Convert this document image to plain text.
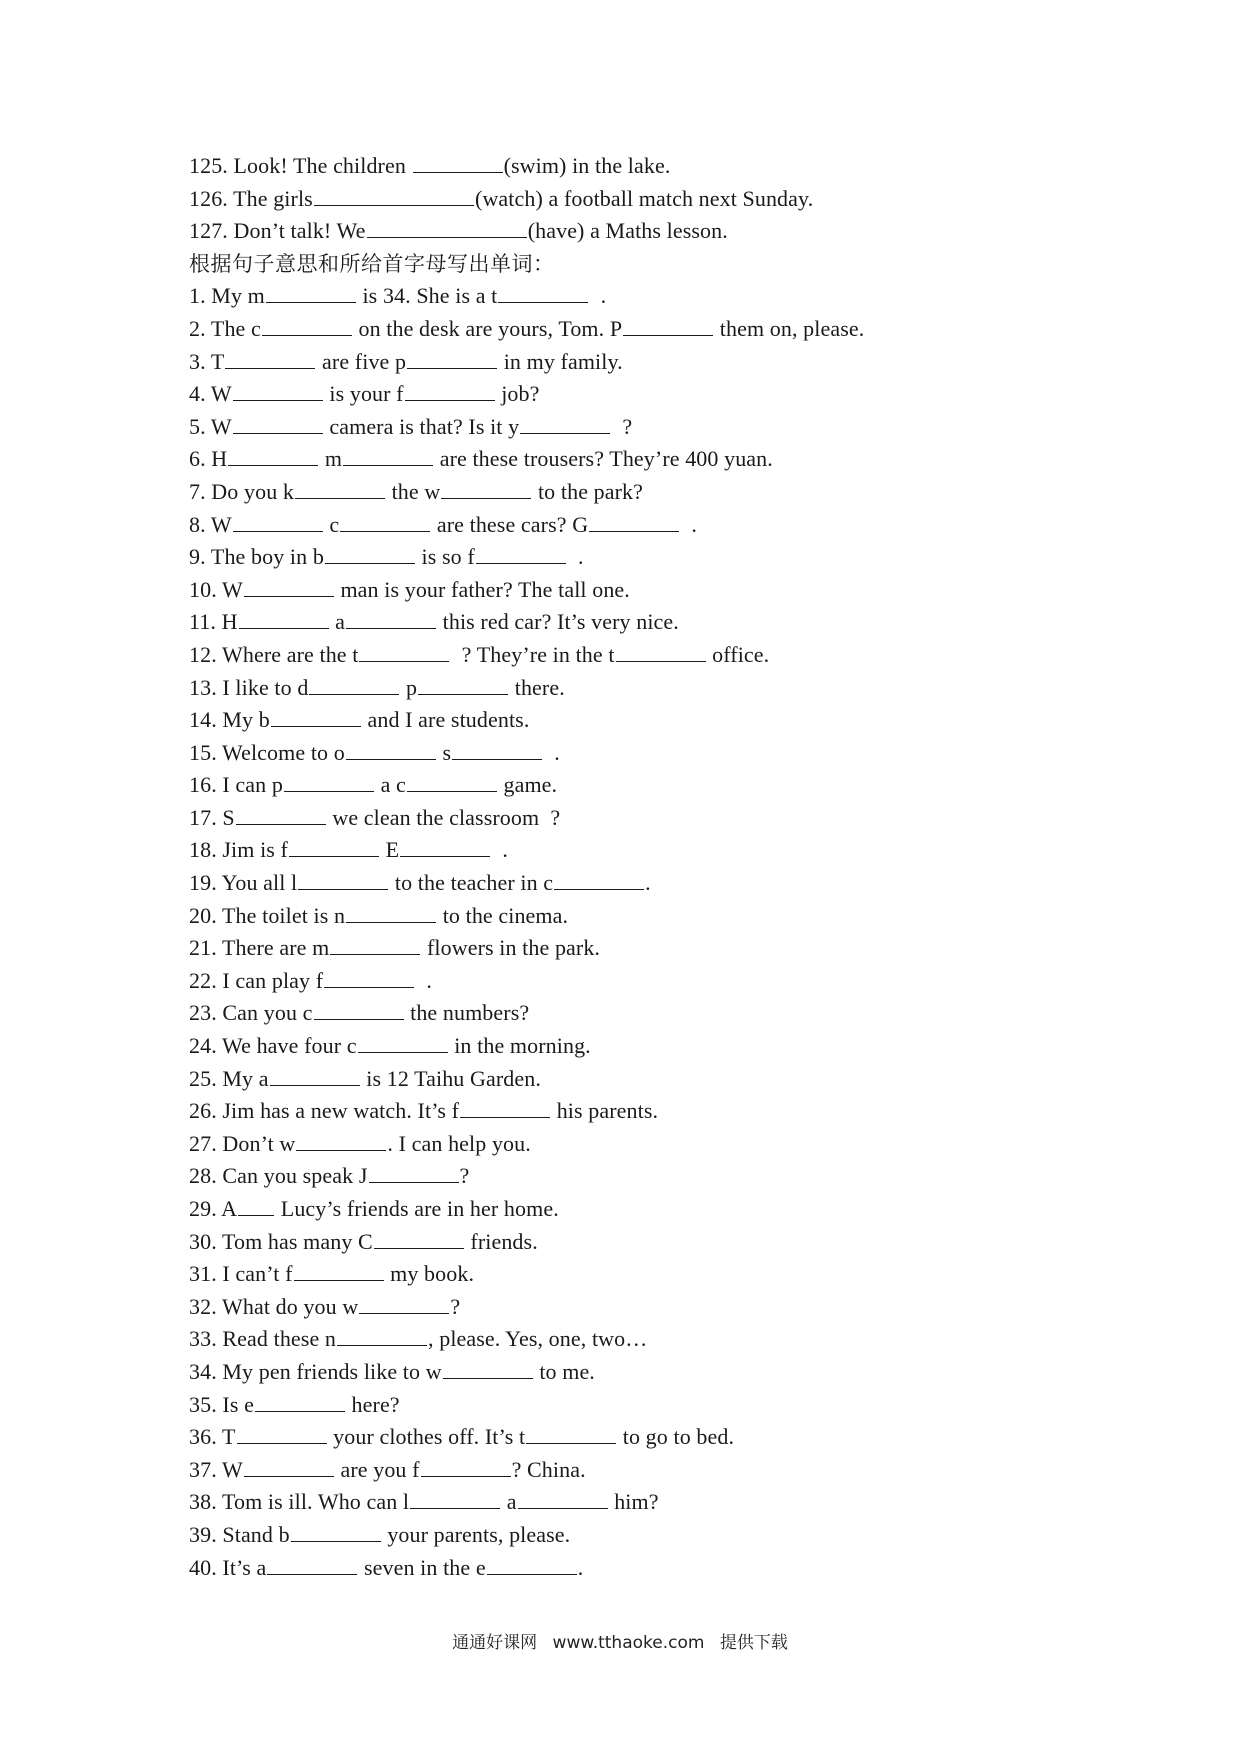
125. Look! The children	(swim) in the lake.
126. The girls	(watch) a football match next Sunday.
127. Don’t talk! We	(have) a Maths lesson.
根据句子意思和所给首字母写出单词：
1. My m	is 34. She is a t	.
2. The c	on the desk are yours, Tom. P	them on, please.
3. T	are five p	in my family.
4. W	is your f	job?
5. W	camera is that? Is it y	?
6. H	m	are these trousers? They’re 400 yuan.
7. Do you k	the w	to the park?
8. W	c	are these cars? G	.
9. The boy in b	is so f	.
10. W	man is your father? The tall one.
11. H	a	this red car? It’s very nice.
12. Where are the t	? They’re in the t	office.
13. I like to d	p	there.
14. My b	and I are students.
15. Welcome to o	s	.
16. I can p	a c	game.
17. S	we clean the classroom  ?
18. Jim is f	E	.
19. You all l	to the teacher in c	.
20. The toilet is n	to the cinema.
21. There are m	flowers in the park.
22. I can play f	.
23. Can you c	the numbers?
24. We have four c	in the morning.
25. My a	is 12 Taihu Garden.
26. Jim has a new watch. It’s f	his parents.
27. Don’t w	. I can help you.
28. Can you speak J	?
29. A Lucy’s friends are in her home.
30. Tom has many C	friends.
31. I can’t f	my book.
32. What do you w	?
33. Read these n	, please. Yes, one, two…
34. My pen friends like to w	to me.
35. Is e	here?
36. T	your clothes off. It’s t	to go to bed.
37. W	are you f	? China.
38. Tom is ill. Who can l	a	him?
39. Stand b	your parents, please.
40. It’s a	seven in the e	.
通通好课网 www.tthaoke.com 提供下载
